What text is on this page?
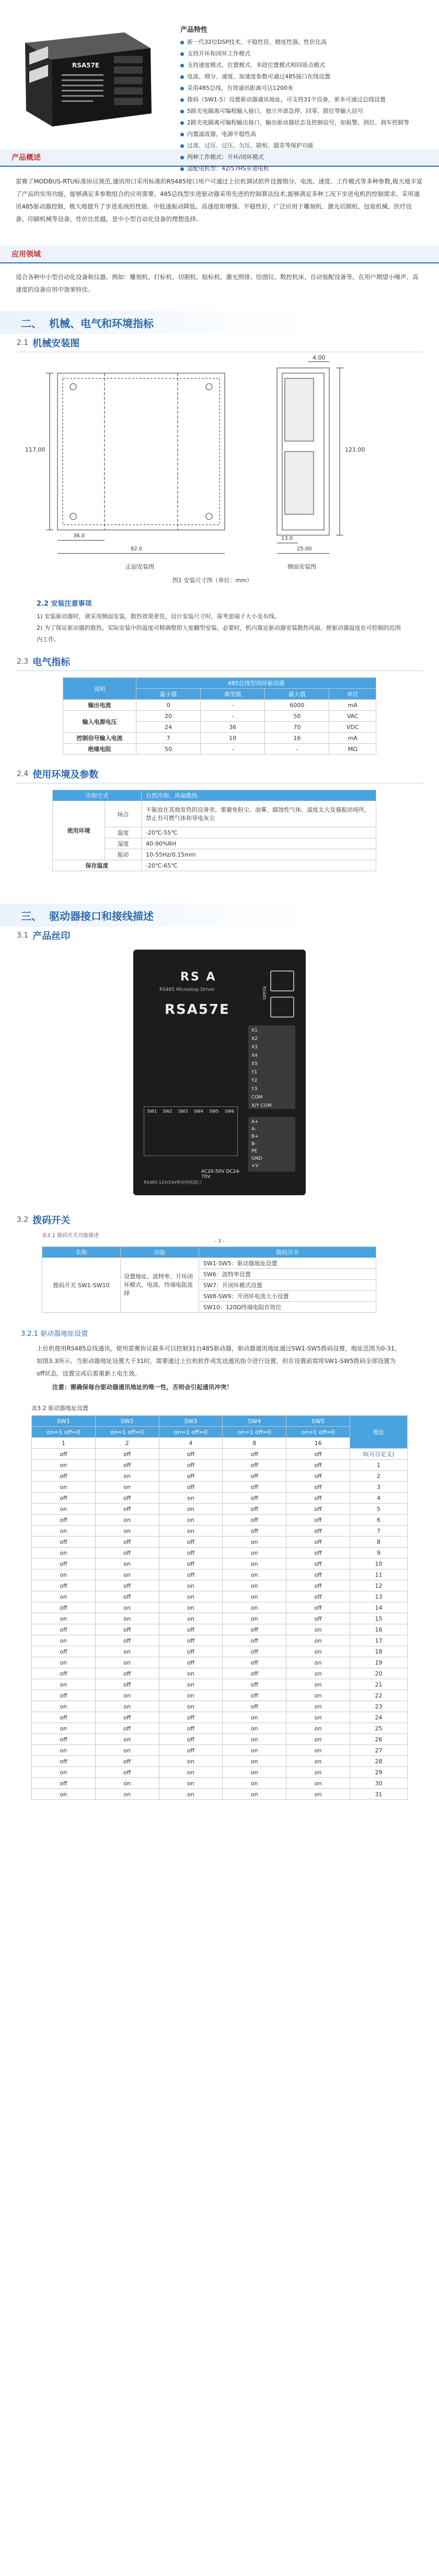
RSA57E
产品特性
新一代32位DSP技术，平稳性佳、精度性强、性价比高
支持开环和闭环工作模式
支持速度模式、位置模式、多段位置模式和回原点模式
电流、细分、速度、加速度参数可通过485接口在线设置
采用485总线，有效通讯距离可达1200米
拨码（SW1-5）设置驱动器通讯地址，可支持31个设备，更多可通过总线设置
5路光电隔离可编程输入接口，独立外部急停、回零、限位等输入信号
2路光电隔离可编程输出接口，输出驱动器状态及控制信号，如报警、到位、刹车控制等
内置滤波器，电源平稳性高
过流、过压、过压、欠压、缺相、超差等保护功能
两种工作模式：开环/闭环模式
适配电机型：42/57HS步进电机
产品概述
雷赛了MODBUS-RTU标准协议规范,通讯用口采用标准的RS485接口用户可通过上位机调试软件设置细分、电流、速度、工作模式等多种参数,极大地丰富了产品的实用功能，能够满足多参数组合的应用需要。485总线型步进驱动器采用先进的控制算法技术,能够满足多种工况下步进电机的控制需求。采用通讯485驱动器控制，极大地提升了步进系统的性能、中低速振动降低、高速扭矩增强、平稳性好，广泛应用于雕刻机、激光切割机、包装机械、医疗设备、印刷机械等设备，性价比优越，是中小型自动化设备的理想选择。
应用领域
适合各种中小型自动化设备和仪器，例如：雕刻机、打标机、切割机、贴标机、激光照排、绘图仪、数控机床、自动装配设备等。在用户期望小噪声、高速度的设备应用中效果特佳。
二、 机械、电气和环境指标
2.1 机械安装图
4.00
121.00
117.00
36.0
82.0
13.0
25.00
正面安装图	侧面安装图
图1 安装尺寸图（单位：mm）
2.2 安装注意事项
1) 安装驱动器时，请采用侧面安装，散热效果更佳，设计安装尺寸时，需考虑端子大小及布线。
2) 为了保证驱动器的散热，实际安装中的温度可稍调整即大宽翻型安装，必要时，机内靠近驱动器安装散热风扇，使驱动器温度在可控制的范围内工作。
2.3 电气指标
说明	485总线型闭环驱动器			
	最小值	典型值	最大值	单位
输出电流	0	-	6000	mA
输入电源电压	20	-	50	VAC
	24	36	70	VDC
控制信号输入电流	7	10	16	mA
绝缘电阻	50	-	-	MΩ
2.4 使用环境及参数
冷却方式		自然冷却、风扇散热
使用环境	场合	不能放在其他发热的设备旁，要避免粉尘、油雾、腐蚀性气体、湿度太大及强振动场所，禁止有可燃气体和导电灰尘
	温度	-20℃-55℃
	湿度	40-90%RH
	振动	10-55Hz/0.15mm
保存温度		-20℃-65℃
三、 驱动器接口和接线描述
3.1 产品丝印
RS A
RS485 Microstep Driver
RSA57E
RS485
X1
X2
X3
X4
X5
Y1
Y2
Y3
COM
X/Y COM
A+
A-
B+
B-
PE
GND
+V
AC20-50V DC24-70V
SW1 SW2 SW3 SW4 SW5 SW6
RS485-12V/24V供电电机接口
3.2 拨码开关
表3.1 拨码开关功能描述
- 3 -
名称	功能	拨码开关
拨码开关 SW1-SW10	设置地址、波特率、开环闭环模式、电流、终端电阻选择	SW1-SW5：驱动器地址设置
		SW6：波特率设置
		SW7：开闭环模式设置
		SW8-SW9：开闭环电流大小设置
		SW10：120Ω终端电阻有效位
3.2.1 驱动器地址设置
上位机使用RS485总线通讯，使用雷赛协议最多可以控制31台485驱动器，驱动器通讯地址通过SW1-SW5拨码设置，地址范围为0-31，如图3.3所示。当驱动器地址设置大于31时，需要通过上位机软件或发送通讯指令进行设置，但在设置前需将SW1-SW5拨码全部设置为off状态，设置完成后需重新上电生效。
注意：需确保每台驱动器通讯地址的唯一性，否则会引起通讯冲突！
表3.2 驱动器地址设置
SW1	SW2	SW3	SW4	SW5	地址
on=1 off=0	on=1 off=0	on=1 off=0	on=1 off=0	on=1 off=0	
1	2	4	8	16	
off	off	off	off	off	0(可自定义)
on	off	off	off	off	1
off	on	off	off	off	2
on	on	off	off	off	3
off	off	on	off	off	4
on	off	on	off	off	5
off	on	on	off	off	6
on	on	on	off	off	7
off	off	off	on	off	8
on	off	off	on	off	9
off	on	off	on	off	10
on	on	off	on	off	11
off	off	on	on	off	12
on	off	on	on	off	13
off	on	on	on	off	14
on	on	on	on	off	15
off	off	off	off	on	16
on	off	off	off	on	17
off	on	off	off	on	18
on	on	off	off	on	19
off	off	on	off	on	20
on	off	on	off	on	21
off	on	on	off	on	22
on	on	on	off	on	23
off	off	off	on	on	24
on	off	off	on	on	25
off	on	off	on	on	26
on	on	off	on	on	27
off	off	on	on	on	28
on	off	on	on	on	29
off	on	on	on	on	30
on	on	on	on	on	31
